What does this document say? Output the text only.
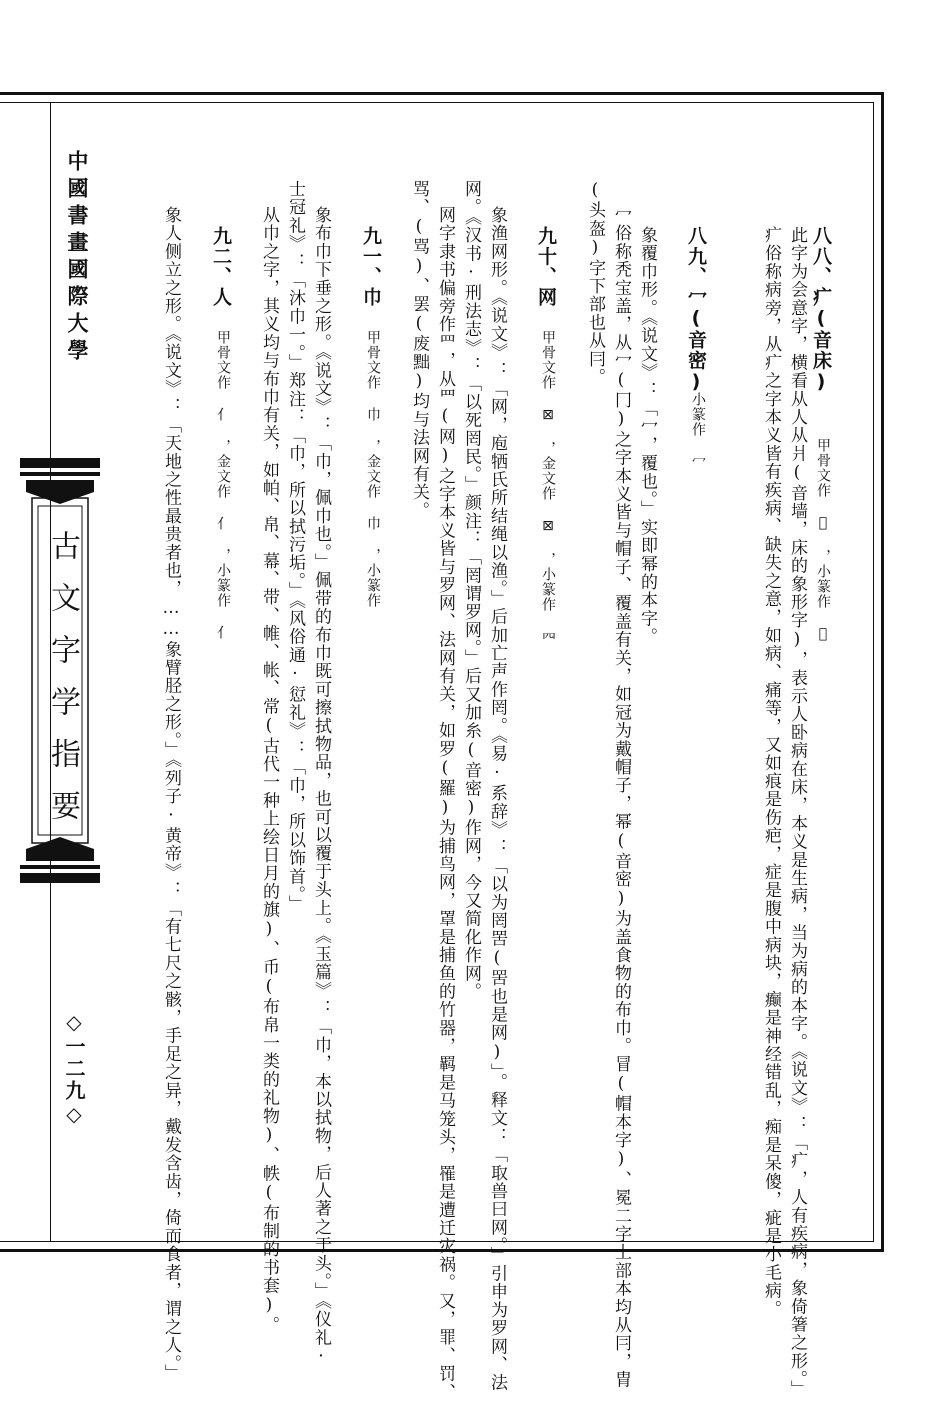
中國書畫國際大學
古文字学指要
◇一二九◇
八八、疒(音床)
甲骨文作 𤕫 ，小篆作 𤕫
此字为会意字，横看从人从爿(音墙，床的象形字)，表示人卧病在床，本义是生病，当为病的本字。《说文》：「疒，人有疾病，象倚箸之形。」
疒俗称病旁，从疒之字本义皆有疾病、缺失之意，如病、痛等，又如痕是伤疤，症是腹中病块，癫是神经错乱，痴是呆傻，疵是小毛病。
八九、冖(音密)
小篆作 冖
象覆巾形。《说文》：「冖，覆也。」实即幂的本字。
冖俗称秃宝盖，从冖(冂)之字本义皆与帽子、覆盖有关，如冠为戴帽子，幂(音密)为盖食物的布巾。冒(帽本字)、冕二字上部本均从冃，胄
(头盔)字下部也从冃。
九十、网
甲骨文作 ⊠ ，金文作 ⊠ ，小篆作 𦉪
象渔网形。《说文》：「网，庖牺氏所结绳以渔。」后加亡声作罔。《易·系辞》：「以为罔罟(罟也是网)」。释文：「取兽曰网。」引申为罗网、法
网。《汉书·刑法志》：「以死罔民。」颜注：「罔谓罗网。」后又加糸(音密)作网，今又简化作网。
网字隶书偏旁作罒，从罒(网)之字本义皆与罗网、法网有关，如罗(羅)为捕鸟网，罩是捕鱼的竹器，羁是马笼头，罹是遭迁灾祸。又，罪、罚、
骂、(骂)、罢(废黜)均与法网有关。
九一、巾
甲骨文作 巾 ，金文作 巾 ，小篆作
象布巾下垂之形。《说文》：「巾，佩巾也。」佩带的布巾既可擦拭物品，也可以覆于头上。《玉篇》：「巾，本以拭物，后人著之于头。」《仪礼·
士冠礼》：「沐巾一。」郑注：「巾，所以拭污垢。」《风俗通·愆礼》：「巾，所以饰首。」
从巾之字，其义均与布巾有关，如帕、帛、幕、带、帷、帐、常(古代一种上绘日月的旗)、币(布帛一类的礼物)、帙(布制的书套)。
九二、人
甲骨文作 亻 ，金文作 亻 ，小篆作 亻
象人侧立之形。《说文》：「天地之性最贵者也，……象臂胫之形。」《列子·黄帝》：「有七尺之骸，手足之异，戴发含齿，倚而食者，谓之人。」
